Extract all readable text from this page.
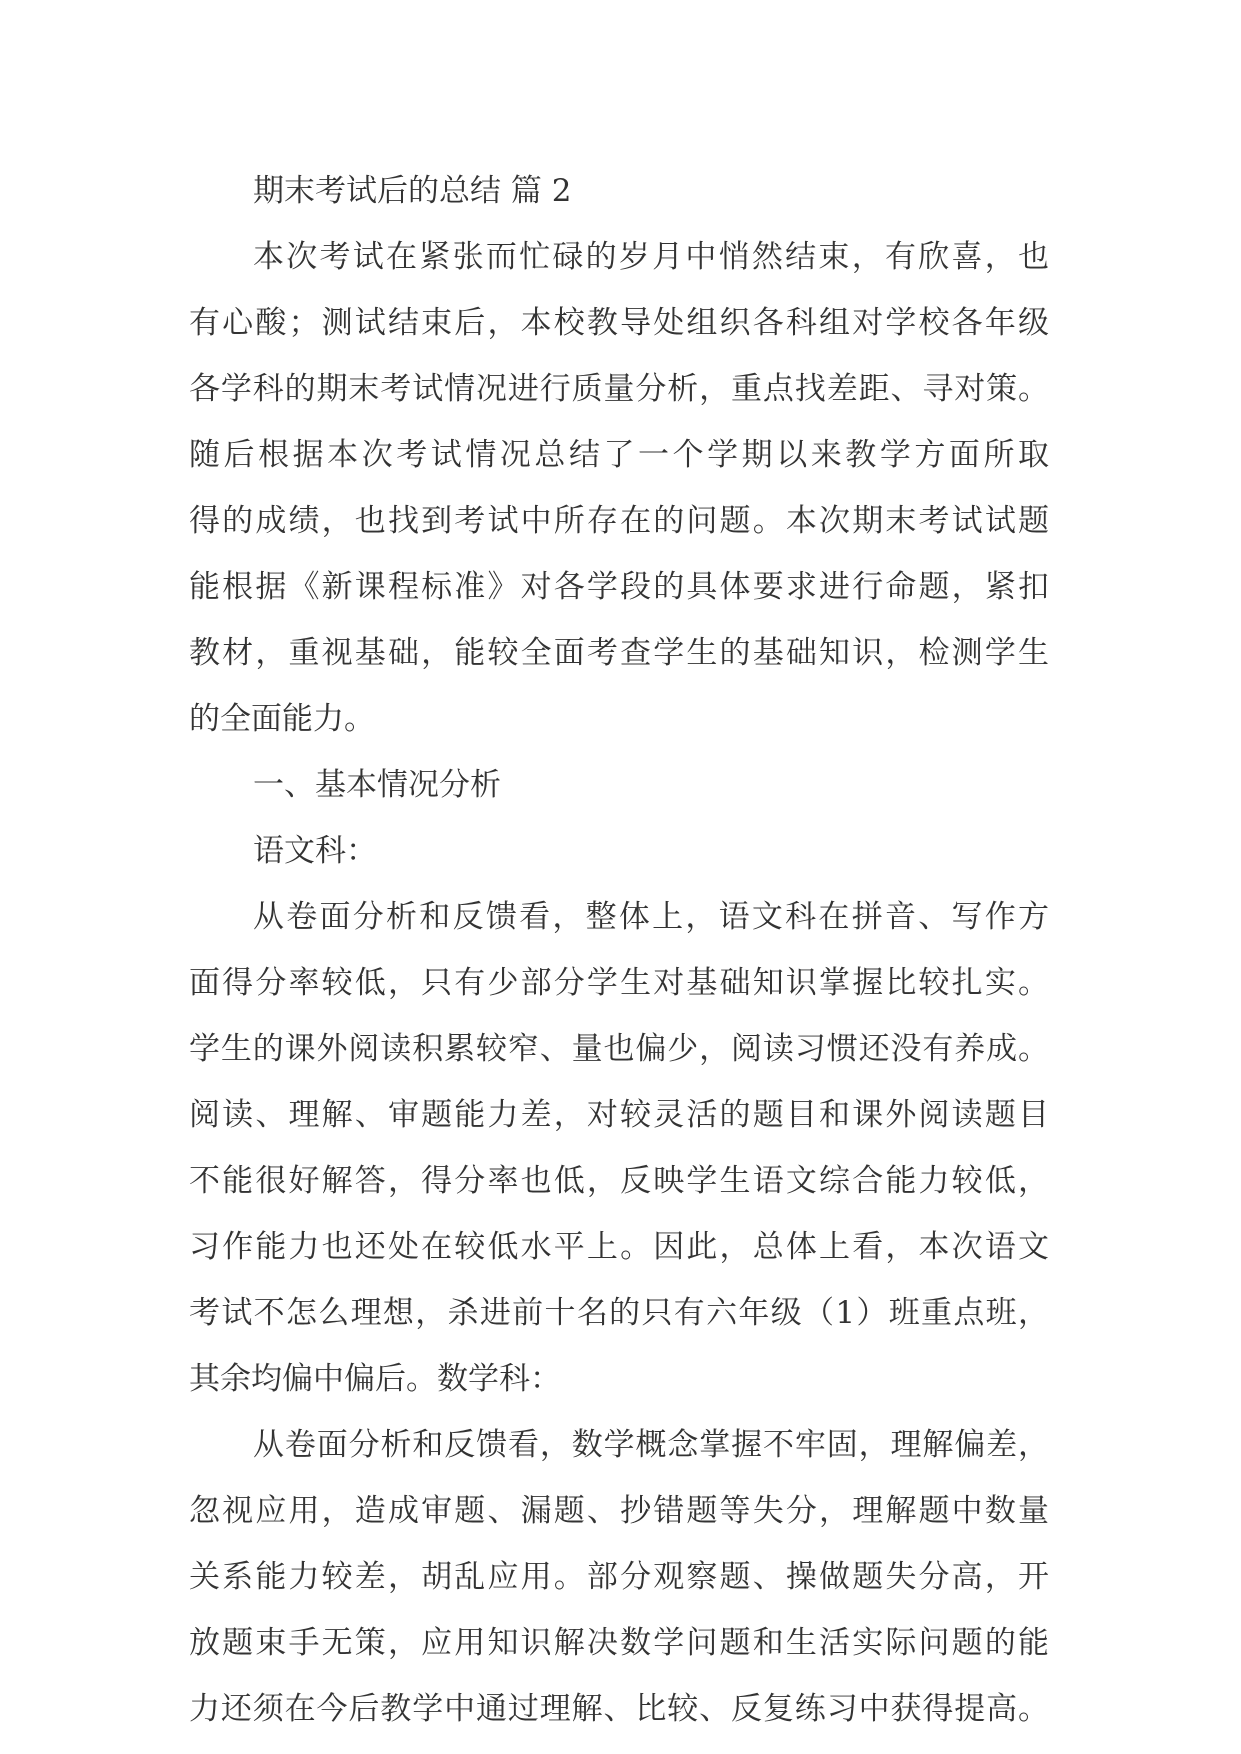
期末考试后的总结 篇 2
本次考试在紧张而忙碌的岁月中悄然结束，有欣喜，也
有心酸；测试结束后，本校教导处组织各科组对学校各年级
各学科的期末考试情况进行质量分析，重点找差距、寻对策。
随后根据本次考试情况总结了一个学期以来教学方面所取
得的成绩，也找到考试中所存在的问题。本次期末考试试题
能根据《新课程标准》对各学段的具体要求进行命题，紧扣
教材，重视基础，能较全面考查学生的基础知识，检测学生
的全面能力。
一、基本情况分析
语文科：
从卷面分析和反馈看，整体上，语文科在拼音、写作方
面得分率较低，只有少部分学生对基础知识掌握比较扎实。
学生的课外阅读积累较窄、量也偏少，阅读习惯还没有养成。
阅读、理解、审题能力差，对较灵活的题目和课外阅读题目
不能很好解答，得分率也低，反映学生语文综合能力较低，
习作能力也还处在较低水平上。因此，总体上看，本次语文
考试不怎么理想，杀进前十名的只有六年级（1）班重点班，
其余均偏中偏后。数学科：
从卷面分析和反馈看，数学概念掌握不牢固，理解偏差，
忽视应用，造成审题、漏题、抄错题等失分，理解题中数量
关系能力较差，胡乱应用。部分观察题、操做题失分高，开
放题束手无策，应用知识解决数学问题和生活实际问题的能
力还须在今后教学中通过理解、比较、反复练习中获得提高。
